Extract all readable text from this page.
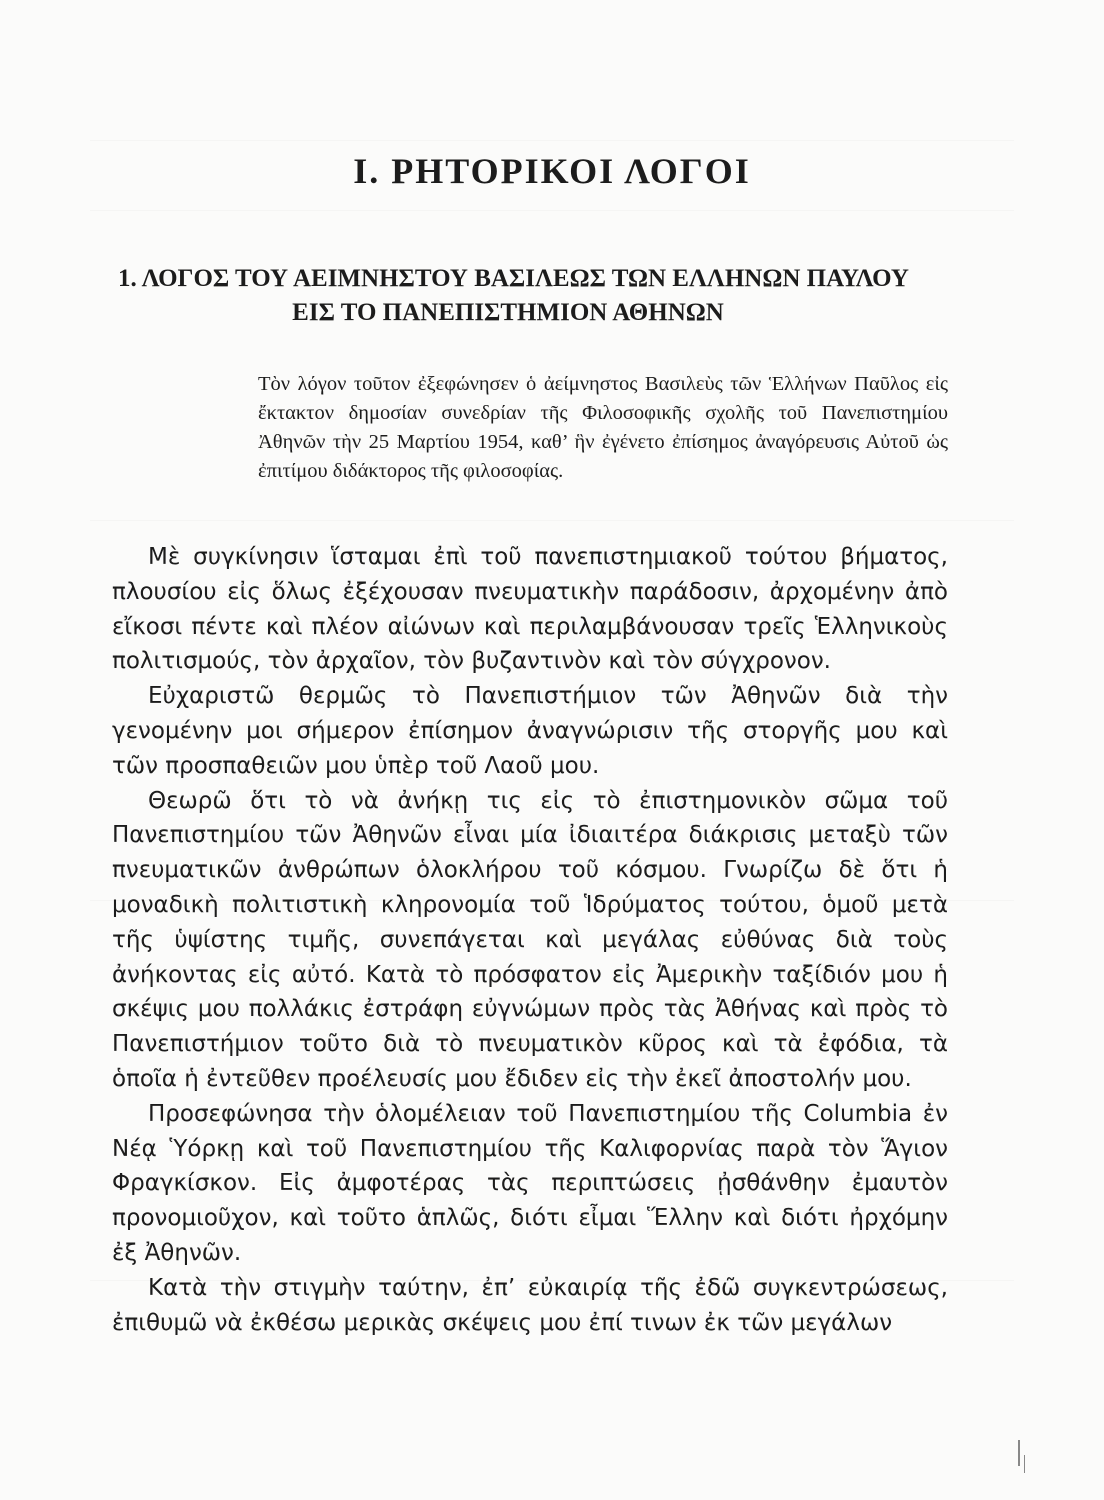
I. ΡΗΤΟΡΙΚΟΙ ΛΟΓΟΙ
1. ΛΟΓΟΣ ΤΟΥ ΑΕΙΜΝΗΣΤΟΥ ΒΑΣΙΛΕΩΣ ΤΩΝ ΕΛΛΗΝΩΝ ΠΑΥΛΟΥ
ΕΙΣ ΤΟ ΠΑΝΕΠΙΣΤΗΜΙΟΝ ΑΘΗΝΩΝ

Τὸν λόγον τοῦτον ἐξεφώνησεν ὁ ἀείμνηστος Βασιλεὺς τῶν Ἑλλήνων Παῦλος εἰς ἔκτακτον δημοσίαν συνεδρίαν τῆς Φιλοσοφικῆς σχολῆς τοῦ Πανεπιστημίου Ἀθηνῶν τὴν 25 Μαρτίου 1954, καθ’ ἣν ἐγένετο ἐπίσημος ἀναγόρευσις Αὐτοῦ ὡς ἐπιτίμου διδάκτορος τῆς φιλοσοφίας.

Μὲ συγκίνησιν ἵσταμαι ἐπὶ τοῦ πανεπιστημιακοῦ τούτου βήματος, πλουσίου εἰς ὅλως ἐξέχουσαν πνευματικὴν παράδοσιν, ἀρχομένην ἀπὸ εἴκοσι πέντε καὶ πλέον αἰώνων καὶ περιλαμβάνουσαν τρεῖς Ἑλληνικοὺς πολιτισμούς, τὸν ἀρχαῖον, τὸν βυζαντινὸν καὶ τὸν σύγχρονον.

Εὐχαριστῶ θερμῶς τὸ Πανεπιστήμιον τῶν Ἀθηνῶν διὰ τὴν γενομένην μοι σήμερον ἐπίσημον ἀναγνώρισιν τῆς στοργῆς μου καὶ τῶν προσπαθειῶν μου ὑπὲρ τοῦ Λαοῦ μου.

Θεωρῶ ὅτι τὸ νὰ ἀνήκῃ τις εἰς τὸ ἐπιστημονικὸν σῶμα τοῦ Πανεπιστημίου τῶν Ἀθηνῶν εἶναι μία ἰδιαιτέρα διάκρισις μεταξὺ τῶν πνευματικῶν ἀνθρώπων ὁλοκλήρου τοῦ κόσμου. Γνωρίζω δὲ ὅτι ἡ μοναδικὴ πολιτιστικὴ κληρονομία τοῦ Ἱδρύματος τούτου, ὁμοῦ μετὰ τῆς ὑψίστης τιμῆς, συνεπάγεται καὶ μεγάλας εὐθύνας διὰ τοὺς ἀνήκοντας εἰς αὐτό. Κατὰ τὸ πρόσφατον εἰς Ἀμερικὴν ταξίδιόν μου ἡ σκέψις μου πολλάκις ἐστράφη εὐγνώμων πρὸς τὰς Ἀθήνας καὶ πρὸς τὸ Πανεπιστήμιον τοῦτο διὰ τὸ πνευματικὸν κῦρος καὶ τὰ ἐφόδια, τὰ ὁποῖα ἡ ἐντεῦθεν προέλευσίς μου ἔδιδεν εἰς τὴν ἐκεῖ ἀποστολήν μου.

Προσεφώνησα τὴν ὁλομέλειαν τοῦ Πανεπιστημίου τῆς Columbia ἐν Νέᾳ Ὑόρκῃ καὶ τοῦ Πανεπιστημίου τῆς Καλιφορνίας παρὰ τὸν Ἅγιον Φραγκίσκον. Εἰς ἀμφοτέρας τὰς περιπτώσεις ᾐσθάνθην ἐμαυτὸν προνομιοῦχον, καὶ τοῦτο ἁπλῶς, διότι εἶμαι Ἕλλην καὶ διότι ἠρχόμην ἐξ Ἀθηνῶν.

Κατὰ τὴν στιγμὴν ταύτην, ἐπ’ εὐκαιρίᾳ τῆς ἐδῶ συγκεντρώσεως, ἐπιθυμῶ νὰ ἐκθέσω μερικὰς σκέψεις μου ἐπί τινων ἐκ τῶν μεγάλων
